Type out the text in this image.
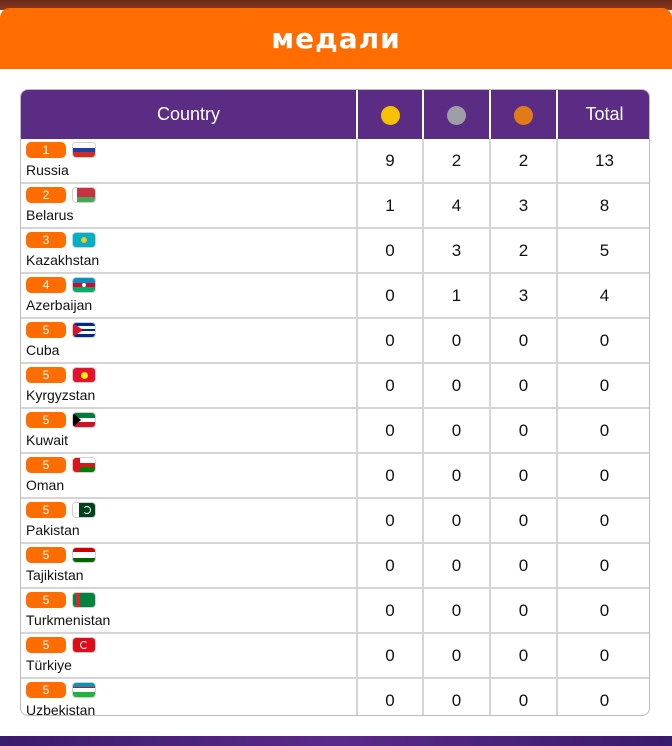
медали
Country				Total

1
Russia	9	2	2	13

2
Belarus	1	4	3	8

3
Kazakhstan	0	3	2	5

4
Azerbaijan	0	1	3	4

5
Cuba	0	0	0	0

5
Kyrgyzstan	0	0	0	0

5
Kuwait	0	0	0	0

5
Oman	0	0	0	0

5
Pakistan	0	0	0	0

5
Tajikistan	0	0	0	0

5
Turkmenistan	0	0	0	0

5
Türkiye	0	0	0	0

5
Uzbekistan	0	0	0	0
